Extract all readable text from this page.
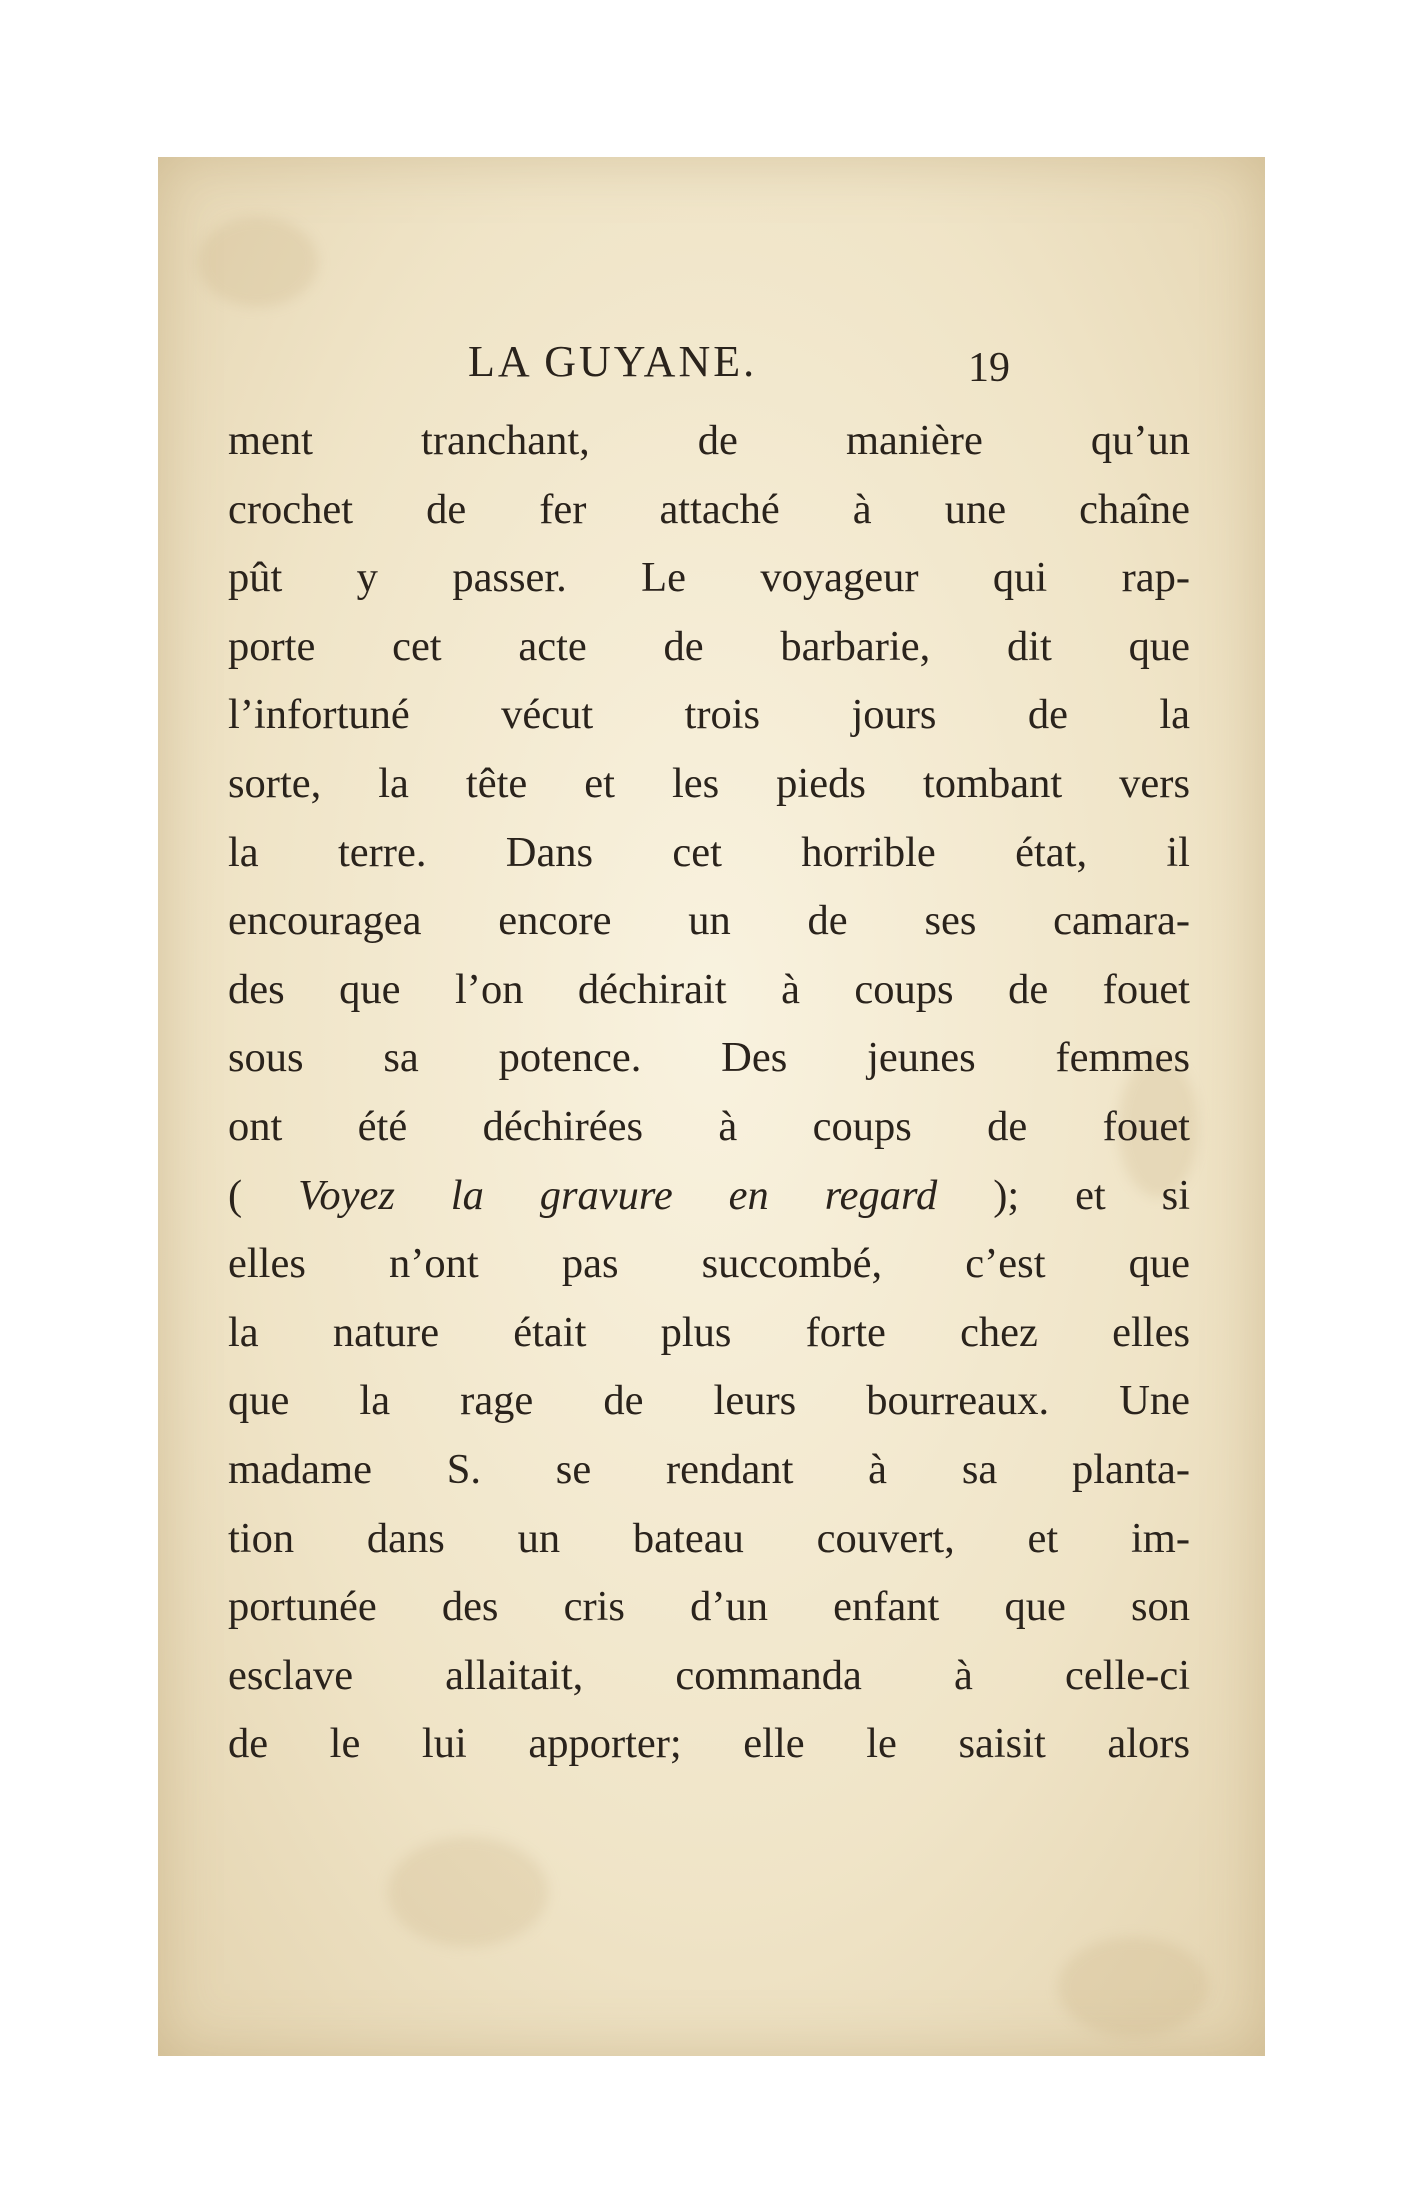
LA GUYANE.	19
ment tranchant, de manière qu’un
crochet de fer attaché à une chaîne
pût y passer. Le voyageur qui rap-
porte cet acte de barbarie, dit que
l’infortuné vécut trois jours de la
sorte, la tête et les pieds tombant vers
la terre. Dans cet horrible état, il
encouragea encore un de ses camara-
des que l’on déchirait à coups de fouet
sous sa potence. Des jeunes femmes
ont été déchirées à coups de fouet
( Voyez la gravure en regard ); et si
elles n’ont pas succombé, c’est que
la nature était plus forte chez elles
que la rage de leurs bourreaux. Une
madame S. se rendant à sa planta-
tion dans un bateau couvert, et im-
portunée des cris d’un enfant que son
esclave allaitait, commanda à celle-ci
de le lui apporter; elle le saisit alors
